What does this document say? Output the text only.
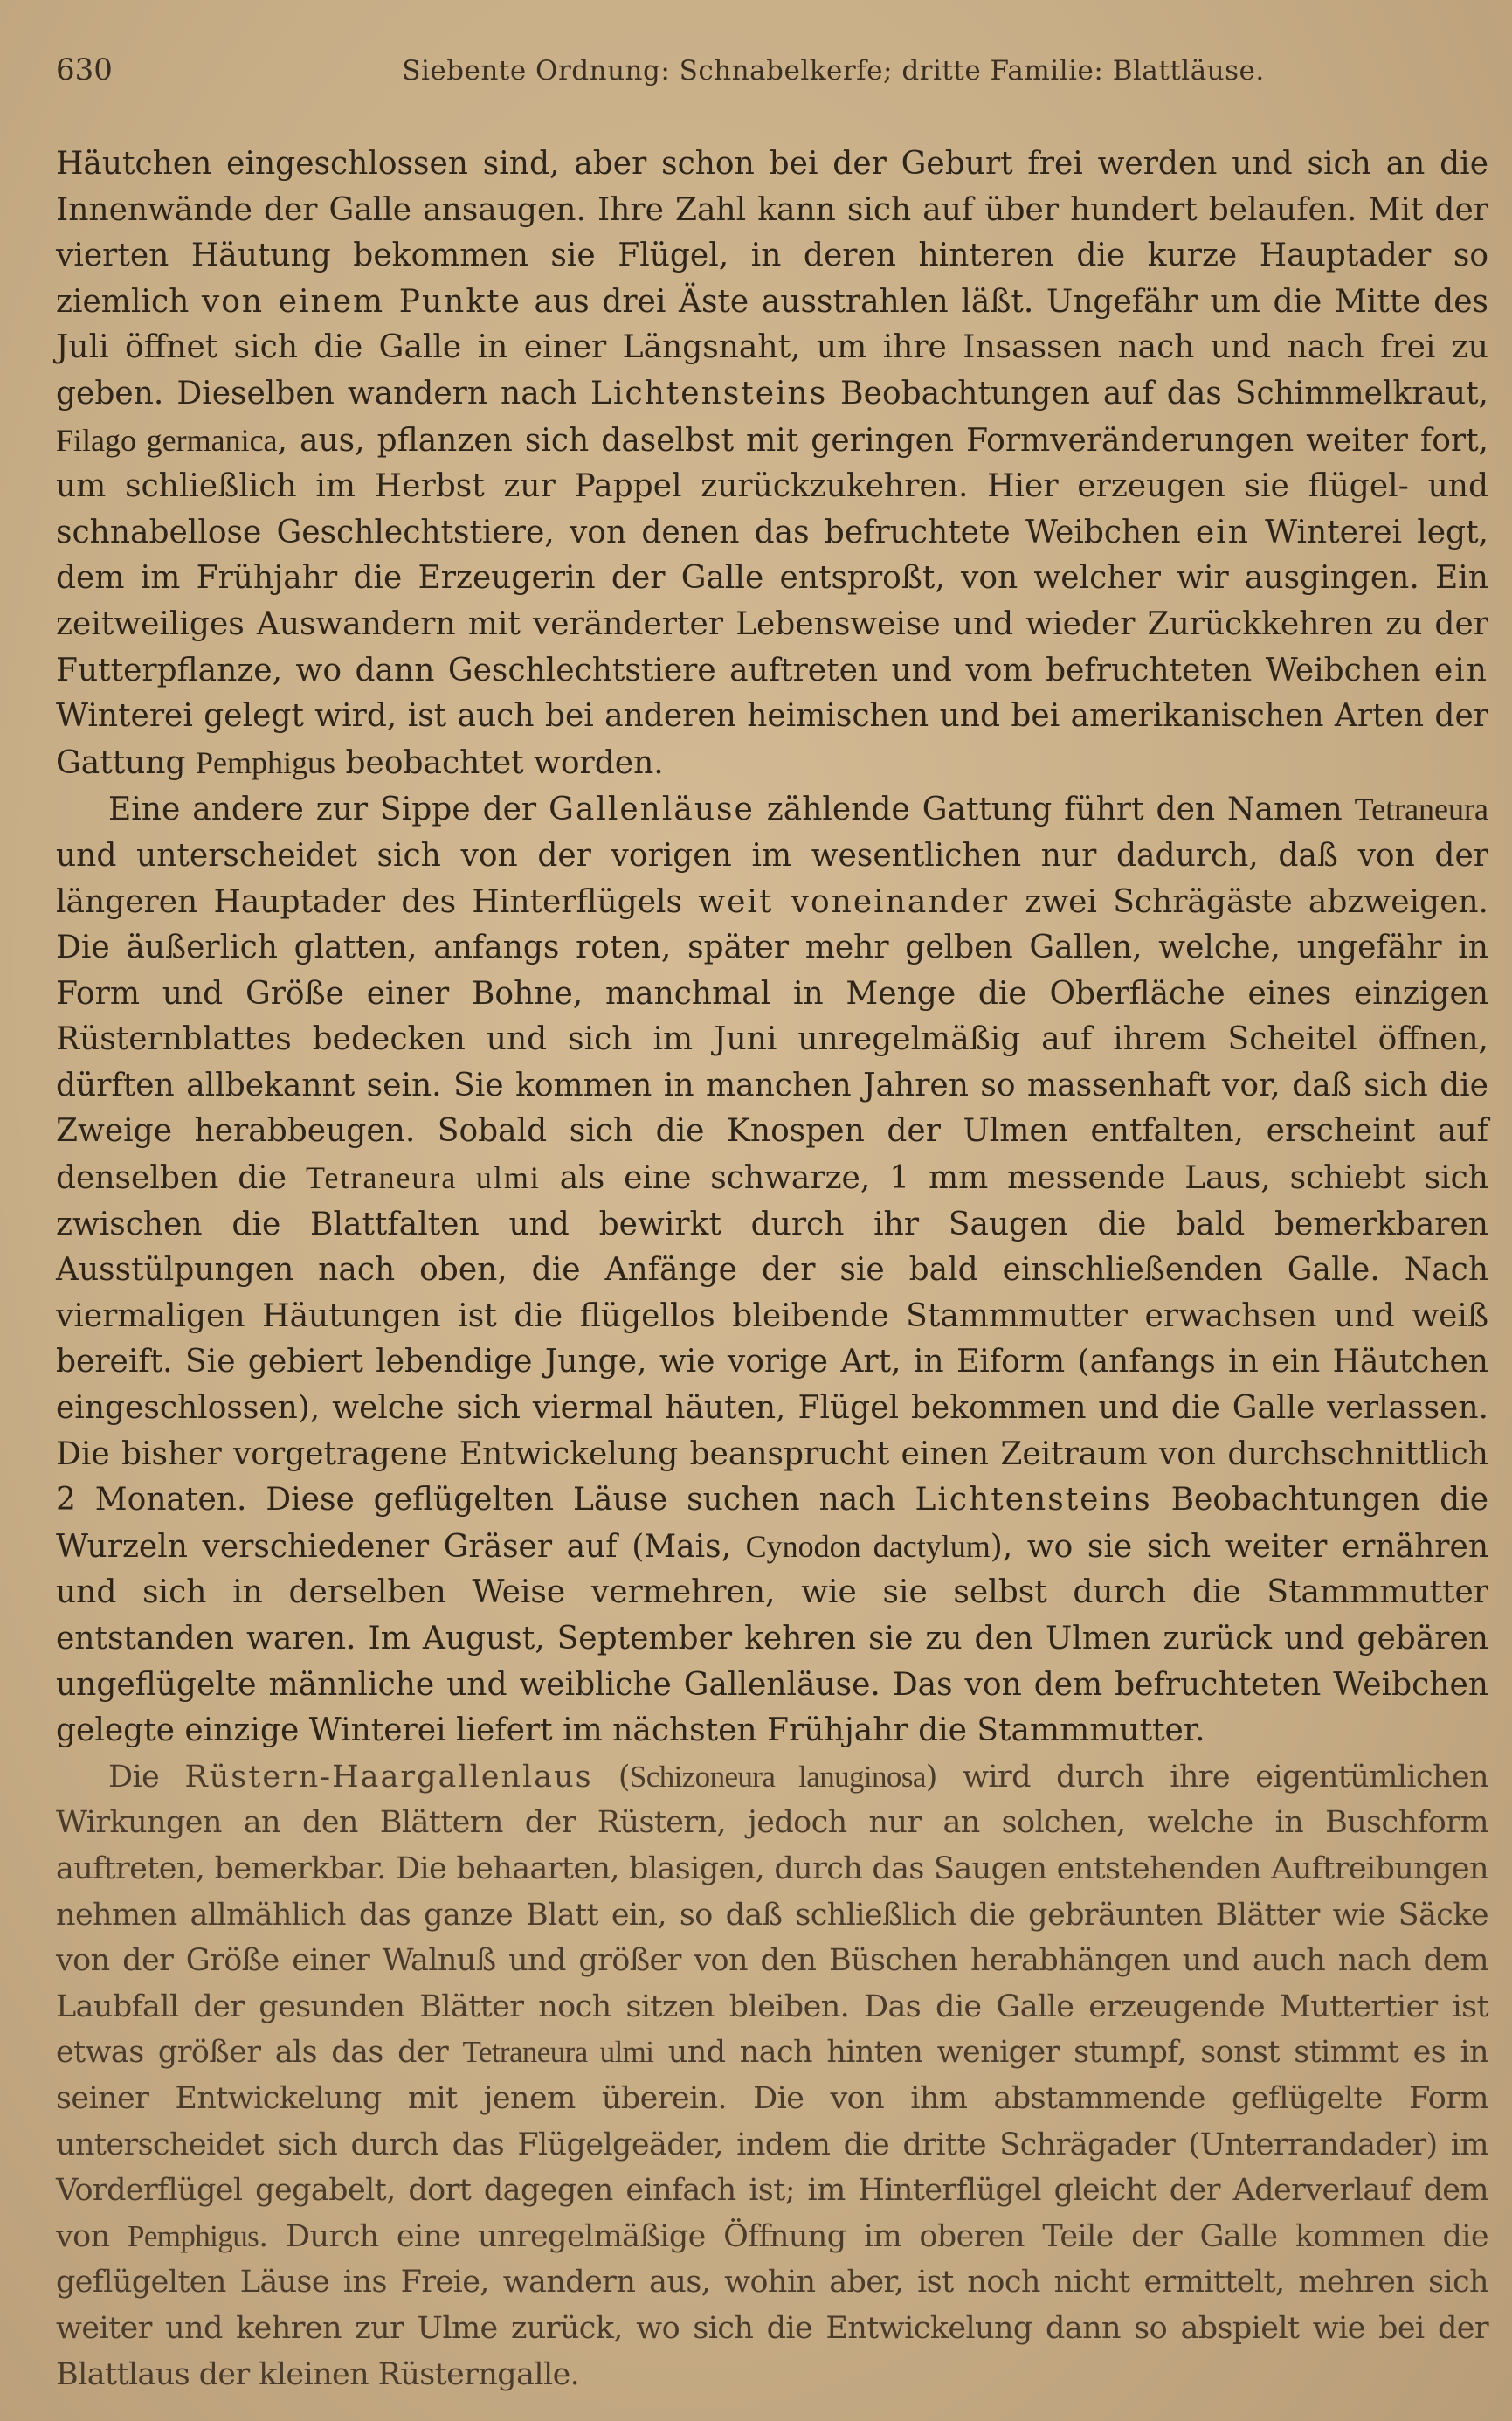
630	Siebente Ordnung: Schnabelkerfe; dritte Familie: Blattläuse.

Häutchen eingeschlossen sind, aber schon bei der Geburt frei werden und sich an die Innenwände der Galle ansaugen. Ihre Zahl kann sich auf über hundert belaufen. Mit der vierten Häutung bekommen sie Flügel, in deren hinteren die kurze Hauptader so ziemlich von einem Punkte aus drei Äste ausstrahlen läßt. Ungefähr um die Mitte des Juli öffnet sich die Galle in einer Längsnaht, um ihre Insassen nach und nach frei zu geben. Dieselben wandern nach Lichtensteins Beobachtungen auf das Schimmelkraut, Filago germanica, aus, pflanzen sich daselbst mit geringen Formveränderungen weiter fort, um schließlich im Herbst zur Pappel zurückzukehren. Hier erzeugen sie flügel- und schnabellose Geschlechtstiere, von denen das befruchtete Weibchen ein Winterei legt, dem im Frühjahr die Erzeugerin der Galle entsproßt, von welcher wir ausgingen. Ein zeitweiliges Auswandern mit veränderter Lebensweise und wieder Zurückkehren zu der Futterpflanze, wo dann Geschlechtstiere auftreten und vom befruchteten Weibchen ein Winterei gelegt wird, ist auch bei anderen heimischen und bei amerikanischen Arten der Gattung Pemphigus beobachtet worden.

Eine andere zur Sippe der Gallenläuse zählende Gattung führt den Namen Tetraneura und unterscheidet sich von der vorigen im wesentlichen nur dadurch, daß von der längeren Hauptader des Hinterflügels weit voneinander zwei Schrägäste abzweigen. Die äußerlich glatten, anfangs roten, später mehr gelben Gallen, welche, ungefähr in Form und Größe einer Bohne, manchmal in Menge die Oberfläche eines einzigen Rüsternblattes bedecken und sich im Juni unregelmäßig auf ihrem Scheitel öffnen, dürften allbekannt sein. Sie kommen in manchen Jahren so massenhaft vor, daß sich die Zweige herabbeugen. Sobald sich die Knospen der Ulmen entfalten, erscheint auf denselben die Tetraneura ulmi als eine schwarze, 1 mm messende Laus, schiebt sich zwischen die Blattfalten und bewirkt durch ihr Saugen die bald bemerkbaren Ausstülpungen nach oben, die Anfänge der sie bald einschließenden Galle. Nach viermaligen Häutungen ist die flügellos bleibende Stammmutter erwachsen und weiß bereift. Sie gebiert lebendige Junge, wie vorige Art, in Eiform (anfangs in ein Häutchen eingeschlossen), welche sich viermal häuten, Flügel bekommen und die Galle verlassen. Die bisher vorgetragene Entwickelung beansprucht einen Zeitraum von durchschnittlich 2 Monaten. Diese geflügelten Läuse suchen nach Lichtensteins Beobachtungen die Wurzeln verschiedener Gräser auf (Mais, Cynodon dactylum), wo sie sich weiter ernähren und sich in derselben Weise vermehren, wie sie selbst durch die Stammmutter entstanden waren. Im August, September kehren sie zu den Ulmen zurück und gebären ungeflügelte männliche und weibliche Gallenläuse. Das von dem befruchteten Weibchen gelegte einzige Winterei liefert im nächsten Frühjahr die Stammmutter.

Die Rüstern-Haargallenlaus (Schizoneura lanuginosa) wird durch ihre eigentümlichen Wirkungen an den Blättern der Rüstern, jedoch nur an solchen, welche in Buschform auftreten, bemerkbar. Die behaarten, blasigen, durch das Saugen entstehenden Auftreibungen nehmen allmählich das ganze Blatt ein, so daß schließlich die gebräunten Blätter wie Säcke von der Größe einer Walnuß und größer von den Büschen herabhängen und auch nach dem Laubfall der gesunden Blätter noch sitzen bleiben. Das die Galle erzeugende Muttertier ist etwas größer als das der Tetraneura ulmi und nach hinten weniger stumpf, sonst stimmt es in seiner Entwickelung mit jenem überein. Die von ihm abstammende geflügelte Form unterscheidet sich durch das Flügelgeäder, indem die dritte Schrägader (Unterrandader) im Vorderflügel gegabelt, dort dagegen einfach ist; im Hinterflügel gleicht der Aderverlauf dem von Pemphigus. Durch eine unregelmäßige Öffnung im oberen Teile der Galle kommen die geflügelten Läuse ins Freie, wandern aus, wohin aber, ist noch nicht ermittelt, mehren sich weiter und kehren zur Ulme zurück, wo sich die Entwickelung dann so abspielt wie bei der Blattlaus der kleinen Rüsterngalle.
